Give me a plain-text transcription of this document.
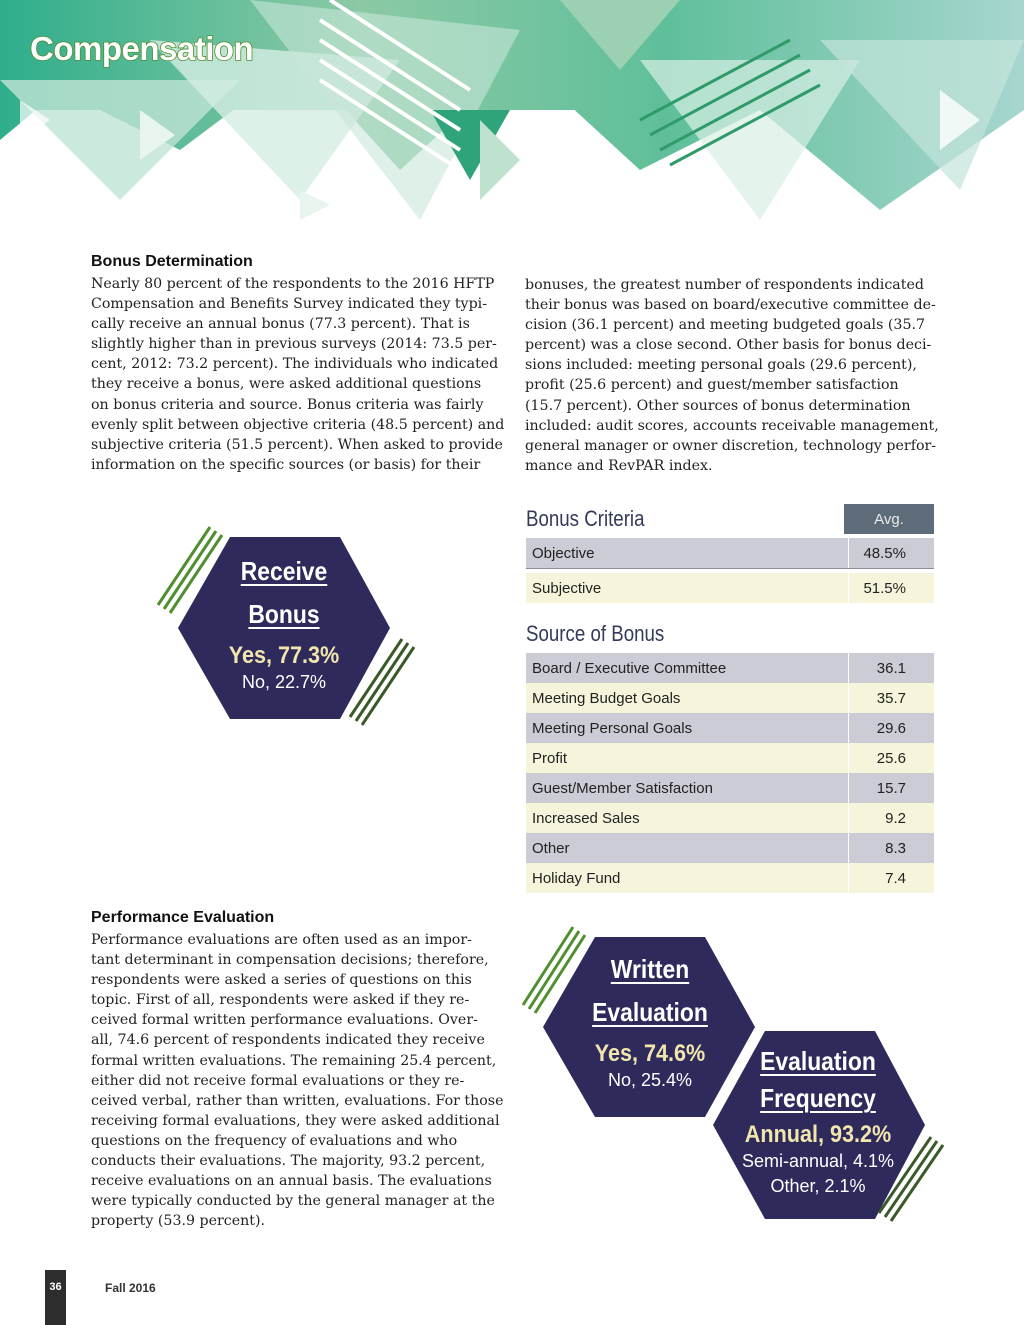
Compensation
Bonus Determination
Nearly 80 percent of the respondents to the 2016 HFTP
Compensation and Benefits Survey indicated they typi-
cally receive an annual bonus (77.3 percent). That is
slightly higher than in previous surveys (2014: 73.5 per-
cent, 2012: 73.2 percent). The individuals who indicated
they receive a bonus, were asked additional questions
on bonus criteria and source. Bonus criteria was fairly
evenly split between objective criteria (48.5 percent) and
subjective criteria (51.5 percent). When asked to provide
information on the specific sources (or basis) for their
bonuses, the greatest number of respondents indicated
their bonus was based on board/executive committee de-
cision (36.1 percent) and meeting budgeted goals (35.7
percent) was a close second. Other basis for bonus deci-
sions included: meeting personal goals (29.6 percent),
profit (25.6 percent) and guest/member satisfaction
(15.7 percent). Other sources of bonus determination
included: audit scores, accounts receivable management,
general manager or owner discretion, technology perfor-
mance and RevPAR index.
Bonus Criteria	Avg.
Objective	48.5%
Subjective	51.5%
Source of Bonus
Board / Executive Committee	36.1
Meeting Budget Goals	35.7
Meeting Personal Goals	29.6
Profit	25.6
Guest/Member Satisfaction	15.7
Increased Sales	9.2
Other	8.3
Holiday Fund	7.4
Receive
Bonus
Yes, 77.3%
No, 22.7%
Performance Evaluation
Performance evaluations are often used as an impor-
tant determinant in compensation decisions; therefore,
respondents were asked a series of questions on this
topic. First of all, respondents were asked if they re-
ceived formal written performance evaluations. Over-
all, 74.6 percent of respondents indicated they receive
formal written evaluations. The remaining 25.4 percent,
either did not receive formal evaluations or they re-
ceived verbal, rather than written, evaluations. For those
receiving formal evaluations, they were asked additional
questions on the frequency of evaluations and who
conducts their evaluations. The majority, 93.2 percent,
receive evaluations on an annual basis. The evaluations
were typically conducted by the general manager at the
property (53.9 percent).
Written
Evaluation
Yes, 74.6%
No, 25.4%
Evaluation
Frequency
Annual, 93.2%
Semi-annual, 4.1%
Other, 2.1%
36	Fall 2016
